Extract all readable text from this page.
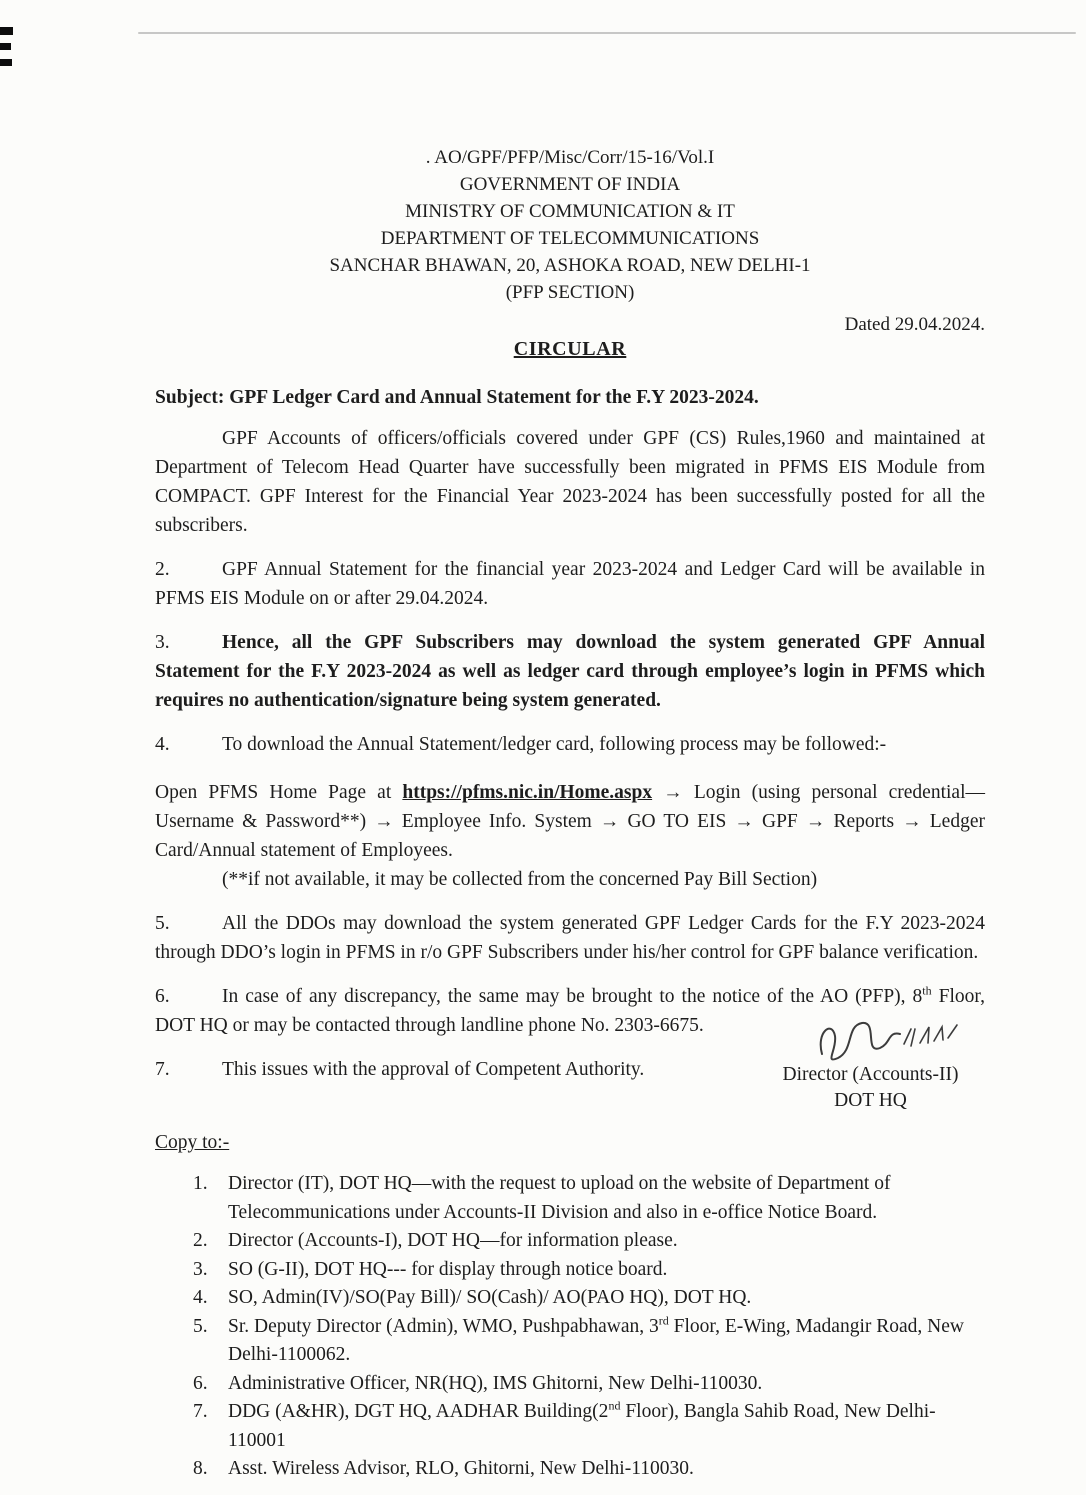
. AO/GPF/PFP/Misc/Corr/15-16/Vol.I
GOVERNMENT OF INDIA
MINISTRY OF COMMUNICATION & IT
DEPARTMENT OF TELECOMMUNICATIONS
SANCHAR BHAWAN, 20, ASHOKA ROAD, NEW DELHI-1
(PFP SECTION)
Dated 29.04.2024.
CIRCULAR
Subject: GPF Ledger Card and Annual Statement for the F.Y 2023-2024.

GPF Accounts of officers/officials covered under GPF (CS) Rules,1960 and maintained at Department of Telecom Head Quarter have successfully been migrated in PFMS EIS Module from COMPACT. GPF Interest for the Financial Year 2023-2024 has been successfully posted for all the subscribers.

2.	GPF Annual Statement for the financial year 2023-2024 and Ledger Card will be available in PFMS EIS Module on or after 29.04.2024.

3.	Hence, all the GPF Subscribers may download the system generated GPF Annual Statement for the F.Y 2023-2024 as well as ledger card through employee’s login in PFMS which requires no authentication/signature being system generated.

4.	To download the Annual Statement/ledger card, following process may be followed:-

Open PFMS Home Page at https://pfms.nic.in/Home.aspx → Login (using personal credential—Username & Password**) → Employee Info. System → GO TO EIS → GPF → Reports → Ledger Card/Annual statement of Employees.

(**if not available, it may be collected from the concerned Pay Bill Section)

5.	All the DDOs may download the system generated GPF Ledger Cards for the F.Y 2023-2024 through DDO’s login in PFMS in r/o GPF Subscribers under his/her control for GPF balance verification.

6.	In case of any discrepancy, the same may be brought to the notice of the AO (PFP), 8th Floor, DOT HQ or may be contacted through landline phone No. 2303-6675.

7.	This issues with the approval of Competent Authority.

Copy to:-
1.	Director (IT), DOT HQ—with the request to upload on the website of Department of Telecommunications under Accounts-II Division and also in e-office Notice Board.
2.	Director (Accounts-I), DOT HQ—for information please.
3.	SO (G-II), DOT HQ--- for display through notice board.
4.	SO, Admin(IV)/SO(Pay Bill)/ SO(Cash)/ AO(PAO HQ), DOT HQ.
5.	Sr. Deputy Director (Admin), WMO, Pushpabhawan, 3rd Floor, E-Wing, Madangir Road, New Delhi-1100062.
6.	Administrative Officer, NR(HQ), IMS Ghitorni, New Delhi-110030.
7.	DDG (A&HR), DGT HQ, AADHAR Building(2nd Floor), Bangla Sahib Road, New Delhi-110001
8.	Asst. Wireless Advisor, RLO, Ghitorni, New Delhi-110030.
Director (Accounts-II)
DOT HQ
